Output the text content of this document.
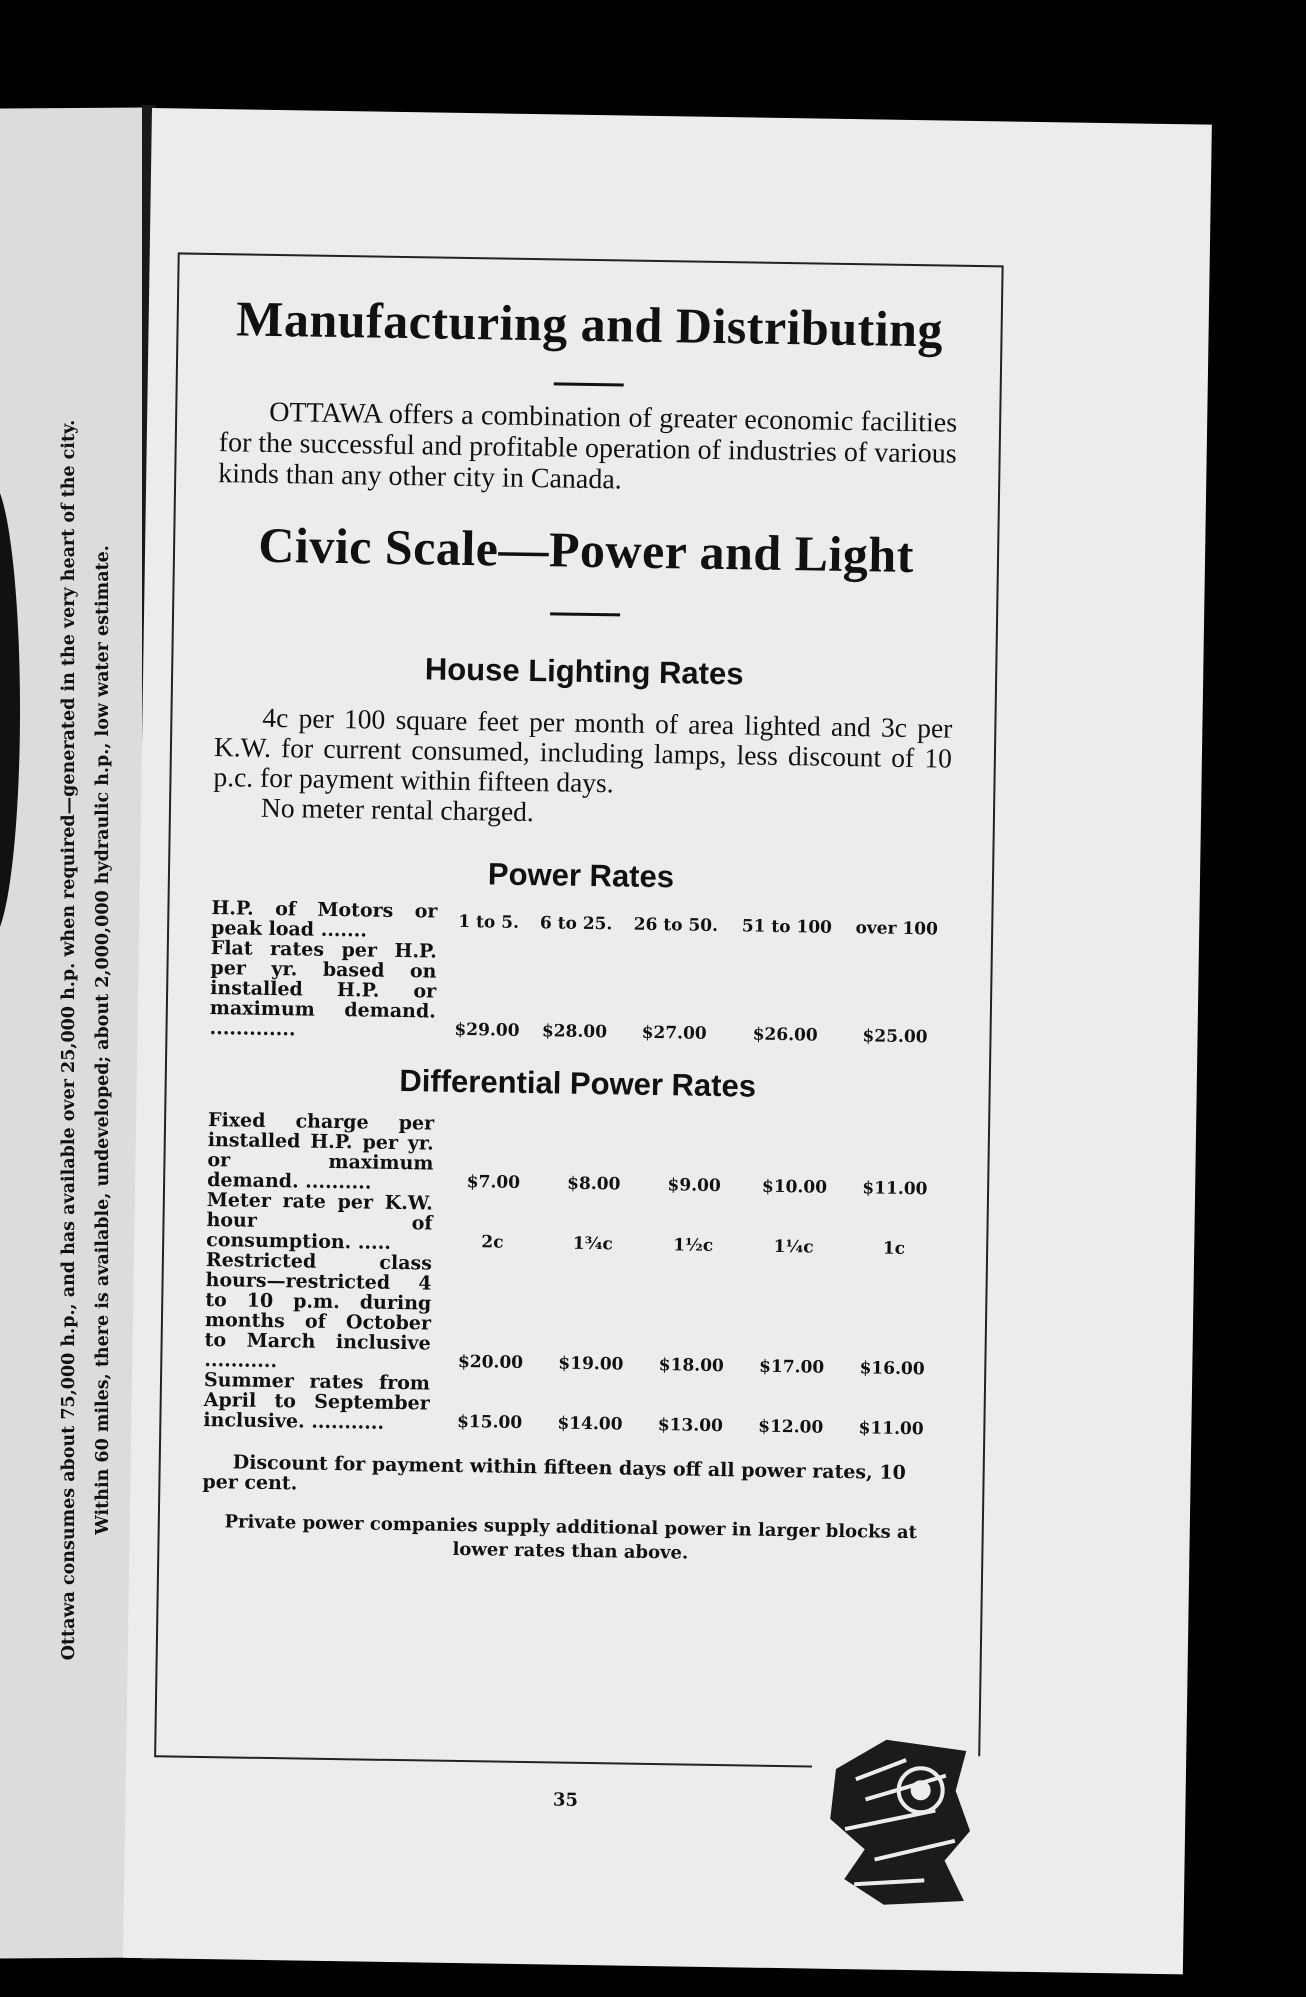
Ottawa consumes about 75,000 h.p., and has available over 25,000 h.p. when required—generated in the very heart of the city. Within 60 miles, there is available, undeveloped; about 2,000,000 hydraulic h.p., low water estimate.
Manufacturing and Distributing

OTTAWA offers a combination of greater economic facilities for the successful and profitable operation of industries of various kinds than any other city in Canada.

Civic Scale—Power and Light
House Lighting Rates

4c per 100 square feet per month of area lighted and 3c per K.W. for current consumed, including lamps, less discount of 10 p.c. for payment within fifteen days.

No meter rental charged.

Power Rates
H.P. of Motors or peak load .......	1 to 5.	6 to 25.	26 to 50.	51 to 100	over 100
Flat rates per H.P. per yr. based on installed H.P. or maximum demand. .............	$29.00	$28.00	$27.00	$26.00	$25.00
Differential Power Rates
Fixed charge per installed H.P. per yr. or maximum demand. ..........	$7.00	$8.00	$9.00	$10.00	$11.00
Meter rate per K.W. hour of consumption. .....	2c	1¾c	1½c	1¼c	1c
Restricted class hours—restricted 4 to 10 p.m. during months of October to March inclusive ...........	$20.00	$19.00	$18.00	$17.00	$16.00
Summer rates from April to September inclusive. ...........	$15.00	$14.00	$13.00	$12.00	$11.00

Discount for payment within fifteen days off all power rates, 10 per cent.

Private power companies supply additional power in larger blocks at lower rates than above.

35
